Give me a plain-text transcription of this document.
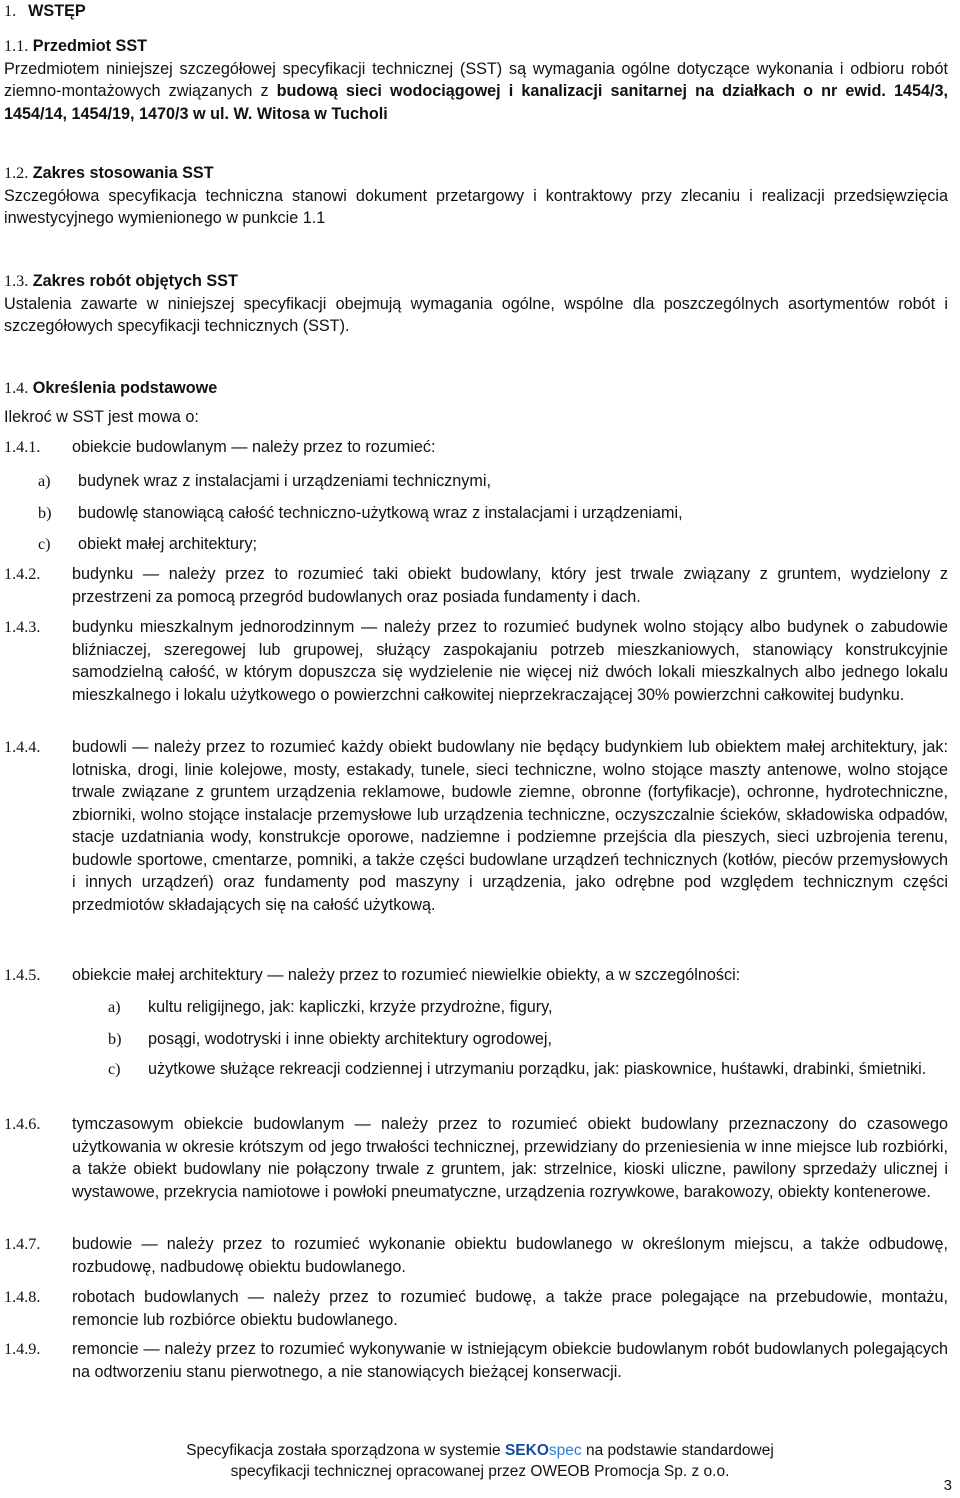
1. WSTĘP
1.1. Przedmiot SST
Przedmiotem niniejszej szczegółowej specyfikacji technicznej (SST) są wymagania ogólne dotyczące wykonania i odbioru robót ziemno-montażowych związanych z budową sieci wodociągowej i kanalizacji sanitarnej na działkach o nr ewid. 1454/3, 1454/14, 1454/19, 1470/3 w ul. W. Witosa w Tucholi
1.2. Zakres stosowania SST
Szczegółowa specyfikacja techniczna stanowi dokument przetargowy i kontraktowy przy zlecaniu i realizacji przedsięwzięcia inwestycyjnego wymienionego w punkcie 1.1
1.3. Zakres robót objętych SST
Ustalenia zawarte w niniejszej specyfikacji obejmują wymagania ogólne, wspólne dla poszczególnych asortymentów robót i szczegółowych specyfikacji technicznych (SST).
1.4. Określenia podstawowe
Ilekroć w SST jest mowa o:
1.4.1. obiekcie budowlanym — należy przez to rozumieć:
a) budynek wraz z instalacjami i urządzeniami technicznymi,
b) budowlę stanowiącą całość techniczno-użytkową wraz z instalacjami i urządzeniami,
c) obiekt małej architektury;
1.4.2. budynku — należy przez to rozumieć taki obiekt budowlany, który jest trwale związany z gruntem, wydzielony z przestrzeni za pomocą przegród budowlanych oraz posiada fundamenty i dach.
1.4.3. budynku mieszkalnym jednorodzinnym — należy przez to rozumieć budynek wolno stojący albo budynek o zabudowie bliźniaczej, szeregowej lub grupowej, służący zaspokajaniu potrzeb mieszkaniowych, stanowiący konstrukcyjnie samodzielną całość, w którym dopuszcza się wydzielenie nie więcej niż dwóch lokali mieszkalnych albo jednego lokalu mieszkalnego i lokalu użytkowego o powierzchni całkowitej nieprzekraczającej 30% powierzchni całkowitej budynku.
1.4.4. budowli — należy przez to rozumieć każdy obiekt budowlany nie będący budynkiem lub obiektem małej architektury, jak: lotniska, drogi, linie kolejowe, mosty, estakady, tunele, sieci techniczne, wolno stojące maszty antenowe, wolno stojące trwale związane z gruntem urządzenia reklamowe, budowle ziemne, obronne (fortyfikacje), ochronne, hydrotechniczne, zbiorniki, wolno stojące instalacje przemysłowe lub urządzenia techniczne, oczyszczalnie ścieków, składowiska odpadów, stacje uzdatniania wody, konstrukcje oporowe, nadziemne i podziemne przejścia dla pieszych, sieci uzbrojenia terenu, budowle sportowe, cmentarze, pomniki, a także części budowlane urządzeń technicznych (kotłów, pieców przemysłowych i innych urządzeń) oraz fundamenty pod maszyny i urządzenia, jako odrębne pod względem technicznym części przedmiotów składających się na całość użytkową.
1.4.5. obiekcie małej architektury — należy przez to rozumieć niewielkie obiekty, a w szczególności:
a) kultu religijnego, jak: kapliczki, krzyże przydrożne, figury,
b) posągi, wodotryski i inne obiekty architektury ogrodowej,
c) użytkowe służące rekreacji codziennej i utrzymaniu porządku, jak: piaskownice, huśtawki, drabinki, śmietniki.
1.4.6. tymczasowym obiekcie budowlanym — należy przez to rozumieć obiekt budowlany przeznaczony do czasowego użytkowania w okresie krótszym od jego trwałości technicznej, przewidziany do przeniesienia w inne miejsce lub rozbiórki, a także obiekt budowlany nie połączony trwale z gruntem, jak: strzelnice, kioski uliczne, pawilony sprzedaży ulicznej i wystawowe, przekrycia namiotowe i powłoki pneumatyczne, urządzenia rozrywkowe, barakowozy, obiekty kontenerowe.
1.4.7. budowie — należy przez to rozumieć wykonanie obiektu budowlanego w określonym miejscu, a także odbudowę, rozbudowę, nadbudowę obiektu budowlanego.
1.4.8. robotach budowlanych — należy przez to rozumieć budowę, a także prace polegające na przebudowie, montażu, remoncie lub rozbiórce obiektu budowlanego.
1.4.9. remoncie — należy przez to rozumieć wykonywanie w istniejącym obiekcie budowlanym robót budowlanych polegających na odtworzeniu stanu pierwotnego, a nie stanowiących bieżącej konserwacji.
Specyfikacja została sporządzona w systemie SEKOspec na podstawie standardowej
specyfikacji technicznej opracowanej przez OWEOB Promocja Sp. z o.o.
3
